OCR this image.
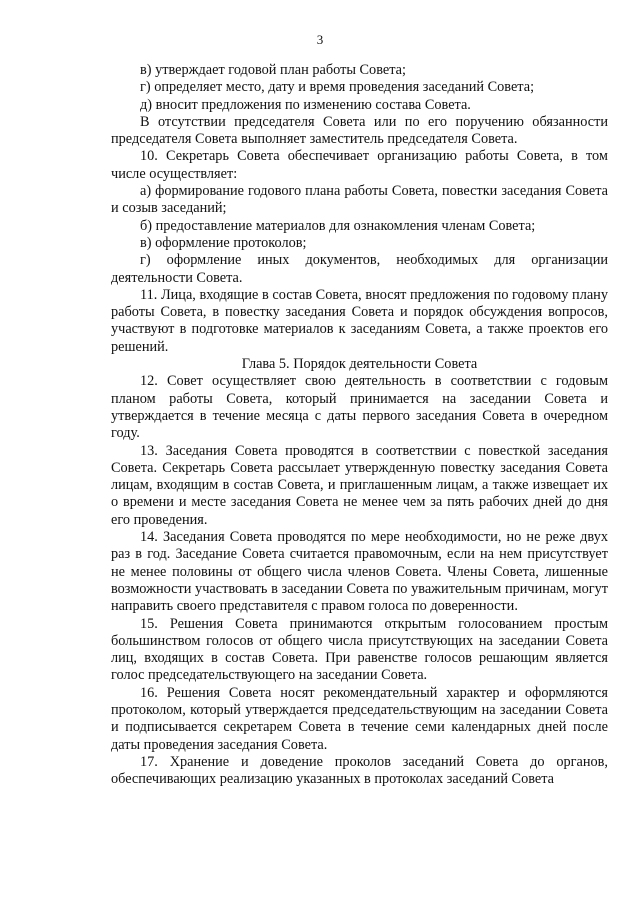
3

в) утверждает годовой план работы Совета;

г) определяет место, дату и время проведения заседаний Совета;

д) вносит предложения по изменению состава Совета.

В отсутствии председателя Совета или по его поручению обязанности председателя Совета выполняет заместитель председателя Совета.

10. Секретарь Совета обеспечивает организацию работы Совета, в том числе осуществляет:

а) формирование годового плана работы Совета, повестки заседания Совета и созыв заседаний;

б) предоставление материалов для ознакомления членам Совета;

в) оформление протоколов;

г) оформление иных документов, необходимых для организации деятельности Совета.

11. Лица, входящие в состав Совета, вносят предложения по годовому плану работы Совета, в повестку заседания Совета и порядок обсуждения вопросов, участвуют в подготовке материалов к заседаниям Совета, а также проектов его решений.

Глава 5. Порядок деятельности Совета

12. Совет осуществляет свою деятельность в соответствии с годовым планом работы Совета, который принимается на заседании Совета и утверждается в течение месяца с даты первого заседания Совета в очередном году.

13. Заседания Совета проводятся в соответствии с повесткой заседания Совета. Секретарь Совета рассылает утвержденную повестку заседания Совета лицам, входящим в состав Совета, и приглашенным лицам, а также извещает их о времени и месте заседания Совета не менее чем за пять рабочих дней до дня его проведения.

14. Заседания Совета проводятся по мере необходимости, но не реже двух раз в год. Заседание Совета считается правомочным, если на нем присутствует не менее половины от общего числа членов Совета. Члены Совета, лишенные возможности участвовать в заседании Совета по уважительным причинам, могут направить своего представителя с правом голоса по доверенности.

15. Решения Совета принимаются открытым голосованием простым большинством голосов от общего числа присутствующих на заседании Совета лиц, входящих в состав Совета. При равенстве голосов решающим является голос председательствующего на заседании Совета.

16. Решения Совета носят рекомендательный характер и оформляются протоколом, который утверждается председательствующим на заседании Совета и подписывается секретарем Совета в течение семи календарных дней после даты проведения заседания Совета.

17. Хранение и доведение проколов заседаний Совета до органов, обеспечивающих реализацию указанных в протоколах заседаний Совета
